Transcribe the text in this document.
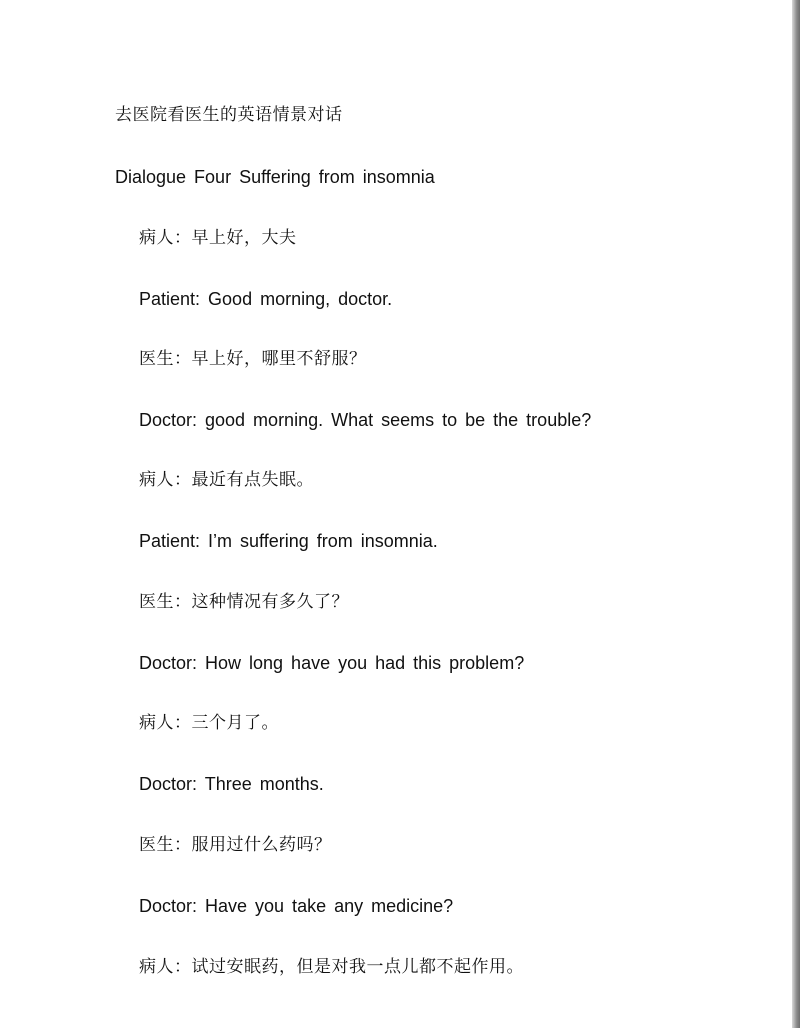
去医院看医生的英语情景对话
Dialogue Four Suffering from insomnia
病人：早上好，大夫
Patient: Good morning, doctor.
医生：早上好，哪里不舒服？
Doctor: good morning. What seems to be the trouble?
病人：最近有点失眠。
Patient: I’m suffering from insomnia.
医生：这种情况有多久了？
Doctor: How long have you had this problem?
病人：三个月了。
Doctor: Three months.
医生：服用过什么药吗？
Doctor: Have you take any medicine?
病人：试过安眠药，但是对我一点儿都不起作用。
